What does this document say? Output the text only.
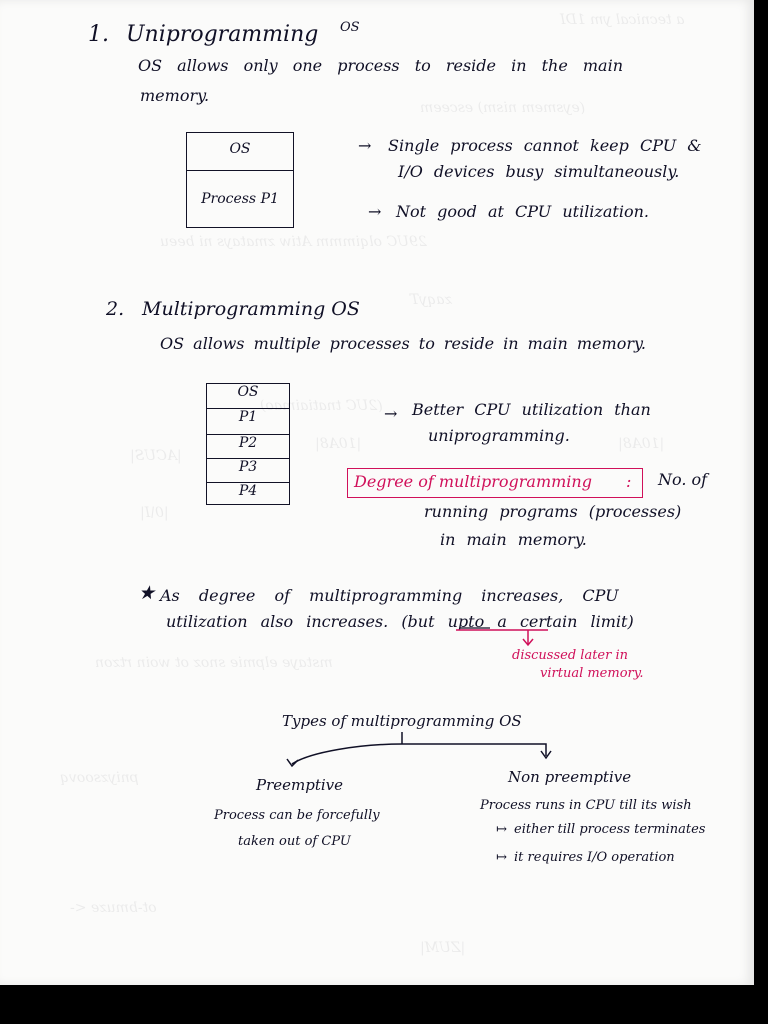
a tecnical ym 1DI
(eysmem nism) esceem
29UC olqimmm Atiw zmatays ni beeu
zaqyT
(2UC tnatiaimao)
|ACUS|
|10A8|	|10A8|
|0\I|
mstaye elpmie snoz ot woin rtzon
pniyzsoovq
ot-bmuze <-
|ZUM|
1. Uniprogramming OS
OS allows only one process to reside in the main
memory.
OS
Process P1
→ Single process cannot keep CPU &
I/O devices busy simultaneously.
→ Not good at CPU utilization.
2. Multiprogramming OS
OS allows multiple processes to reside in main memory.
OS
P1
P2
P3
P4
→ Better CPU utilization than
uniprogramming.
Degree of multiprogramming : No. of
running programs (processes)
in main memory.
★ As degree of multiprogramming increases, CPU
utilization also increases. (but upto a certain limit)
discussed later in
virtual memory.
Types of multiprogramming OS
Preemptive	Non preemptive
Process can be forcefully
taken out of CPU
Process runs in CPU till its wish
↦ either till process terminates
↦ it requires I/O operation
